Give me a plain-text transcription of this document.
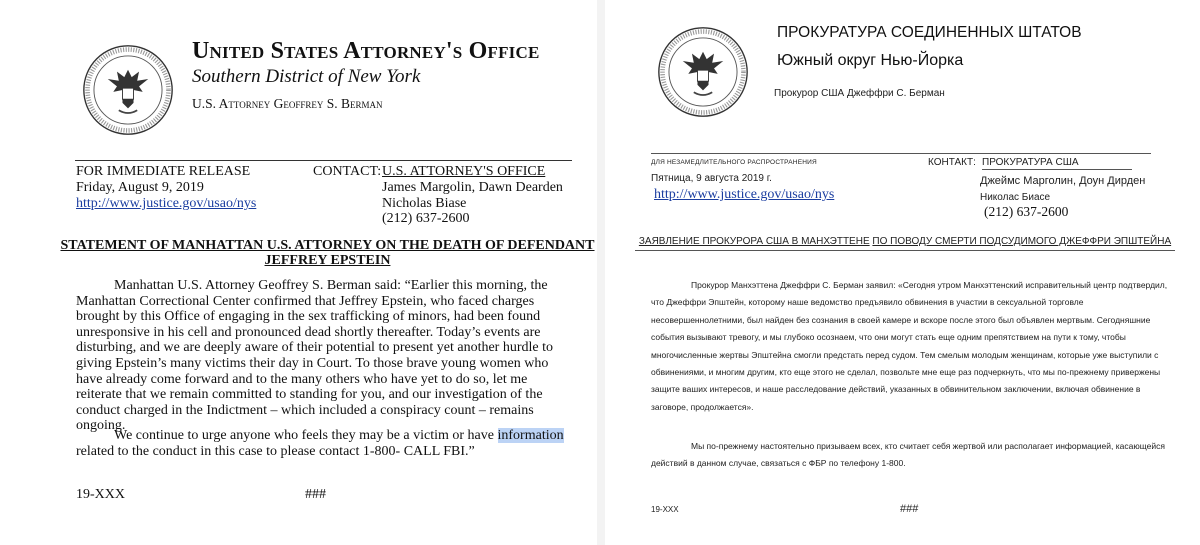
United States Attorney's Office
Southern District of New York
U.S. Attorney Geoffrey S. Berman
FOR IMMEDIATE RELEASE
Friday, August 9, 2019
http://www.justice.gov/usao/nys
CONTACT: U.S. ATTORNEY'S OFFICE
James Margolin, Dawn Dearden
Nicholas Biase
(212) 637-2600
STATEMENT OF MANHATTAN U.S. ATTORNEY ON THE DEATH OF DEFENDANT JEFFREY EPSTEIN
Manhattan U.S. Attorney Geoffrey S. Berman said: “Earlier this morning, the Manhattan Correctional Center confirmed that Jeffrey Epstein, who faced charges brought by this Office of engaging in the sex trafficking of minors, had been found unresponsive in his cell and pronounced dead shortly thereafter. Today’s events are disturbing, and we are deeply aware of their potential to present yet another hurdle to giving Epstein’s many victims their day in Court. To those brave young women who have already come forward and to the many others who have yet to do so, let me reiterate that we remain committed to standing for you, and our investigation of the conduct charged in the Indictment – which included a conspiracy count – remains ongoing.
We continue to urge anyone who feels they may be a victim or have information related to the conduct in this case to please contact 1-800- CALL FBI.”
19-XXX	###
ПРОКУРАТУРА СОЕДИНЕННЫХ ШТАТОВ
Южный округ Нью-Йорка
Прокурор США Джеффри С. Берман
ДЛЯ НЕЗАМЕДЛИТЕЛЬНОГО РАСПРОСТРАНЕНИЯ
Пятница, 9 августа 2019 г.
http://www.justice.gov/usao/nys
КОНТАКТ: ПРОКУРАТУРА США
Джеймс Марголин, Доун Дирден
Николас Биасе
(212) 637-2600
ЗАЯВЛЕНИЕ ПРОКУРОРА США В МАНХЭТТЕНЕ ПО ПОВОДУ СМЕРТИ ПОДСУДИМОГО ДЖЕФФРИ ЭПШТЕЙНА
Прокурор Манхэттена Джеффри С. Берман заявил: «Сегодня утром Манхэттенский исправительный центр подтвердил, что Джеффри Эпштейн, которому наше ведомство предъявило обвинения в участии в сексуальной торговле несовершеннолетними, был найден без сознания в своей камере и вскоре после этого был объявлен мертвым. Сегодняшние события вызывают тревогу, и мы глубоко осознаем, что они могут стать еще одним препятствием на пути к тому, чтобы многочисленные жертвы Эпштейна смогли предстать перед судом. Тем смелым молодым женщинам, которые уже выступили с обвинениями, и многим другим, кто еще этого не сделал, позвольте мне еще раз подчеркнуть, что мы по-прежнему привержены защите ваших интересов, и наше расследование действий, указанных в обвинительном заключении, включая обвинение в заговоре, продолжается».
Мы по-прежнему настоятельно призываем всех, кто считает себя жертвой или располагает информацией, касающейся действий в данном случае, связаться с ФБР по телефону 1-800.
19-XXX	###
